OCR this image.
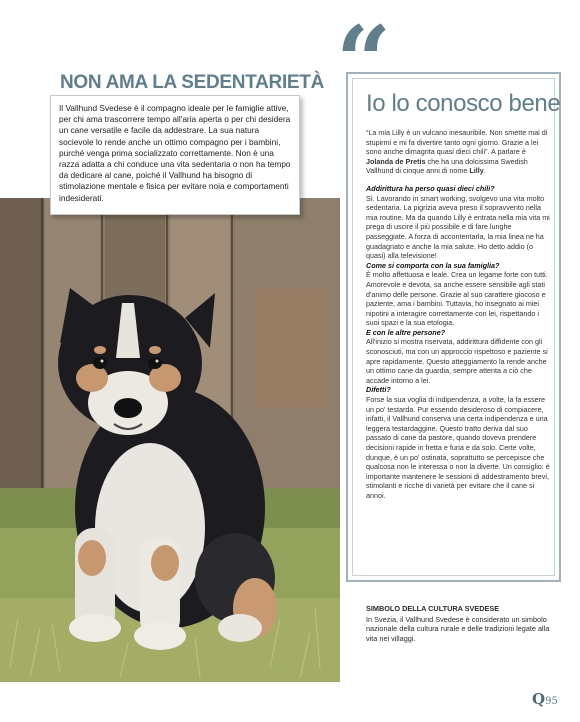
NON AMA LA SEDENTARIETÀ

Il Vallhund Svedese è il compagno ideale per le famiglie attive, per chi ama trascorrere tempo all'aria aperta o per chi desidera un cane versatile e facile da addestrare. La sua natura socievole lo rende anche un ottimo compagno per i bambini, purché venga prima socializzato correttamente. Non è una razza adatta a chi conduce una vita sedentaria o non ha tempo da dedicare al cane, poiché il Vallhund ha bisogno di stimolazione mentale e fisica per evitare noia e comportamenti indesiderati.

“
Io lo conosco bene

“La mia Lilly è un vulcano inesauribile. Non smette mai di stupirmi e mi fa divertire tanto ogni giorno. Grazie a lei sono anche dimagrita quasi dieci chili”. A parlare è Jolanda de Pretis che ha una dolcissima Swedish Vallhund di cinque anni di nome Lilly.

Addirittura ha perso quasi dieci chili?

Sì. Lavorando in smart working, svolgevo una vita molto sedentaria. La pigrizia aveva preso il sopravvento nella mia routine. Ma da quando Lilly è entrata nella mia vita mi prega di uscire il più possibile e di fare lunghe passeggiate. A forza di accontentarla, la mia linea ne ha guadagnato e anche la mia salute. Ho detto addio (o quasi) alla televisione!

Come si comporta con la sua famiglia?

È molto affettuosa e leale. Crea un legame forte con tutti. Amorevole e devota, sa anche essere sensibile agli stati d'animo delle persone. Grazie al suo carattere giocoso e paziente, ama i bambini. Tuttavia, ho insegnato ai miei nipotini a interagire correttamente con lei, rispettando i suoi spazi e la sua etologia.

E con le altre persone?

All'inizio si mostra riservata, addirittura diffidente con gli sconosciuti, ma con un approccio rispettoso e paziente si apre rapidamente. Questo atteggiamento la rende anche un ottimo cane da guardia, sempre attenta a ciò che accade intorno a lei.

Difetti?

Forse la sua voglia di indipendenza, a volte, la fa essere un po' testarda. Pur essendo desideroso di compiacere, infatti, il Vallhund conserva una certa indipendenza e una leggera testardaggine. Questo tratto deriva dal suo passato di cane da pastore, quando doveva prendere decisioni rapide in fretta e furia e da solo. Certe volte, dunque, è un po' ostinata, soprattutto se percepisce che qualcosa non le interessa o non la diverte. Un consiglio: è importante mantenere le sessioni di addestramento brevi, stimolanti e ricche di varietà per evitare che il cane si annoi.

SIMBOLO DELLA CULTURA SVEDESE

In Svezia, il Vallhund Svedese è considerato un simbolo nazionale della cultura rurale e delle tradizioni legate alla vita nei villaggi.

Q95
